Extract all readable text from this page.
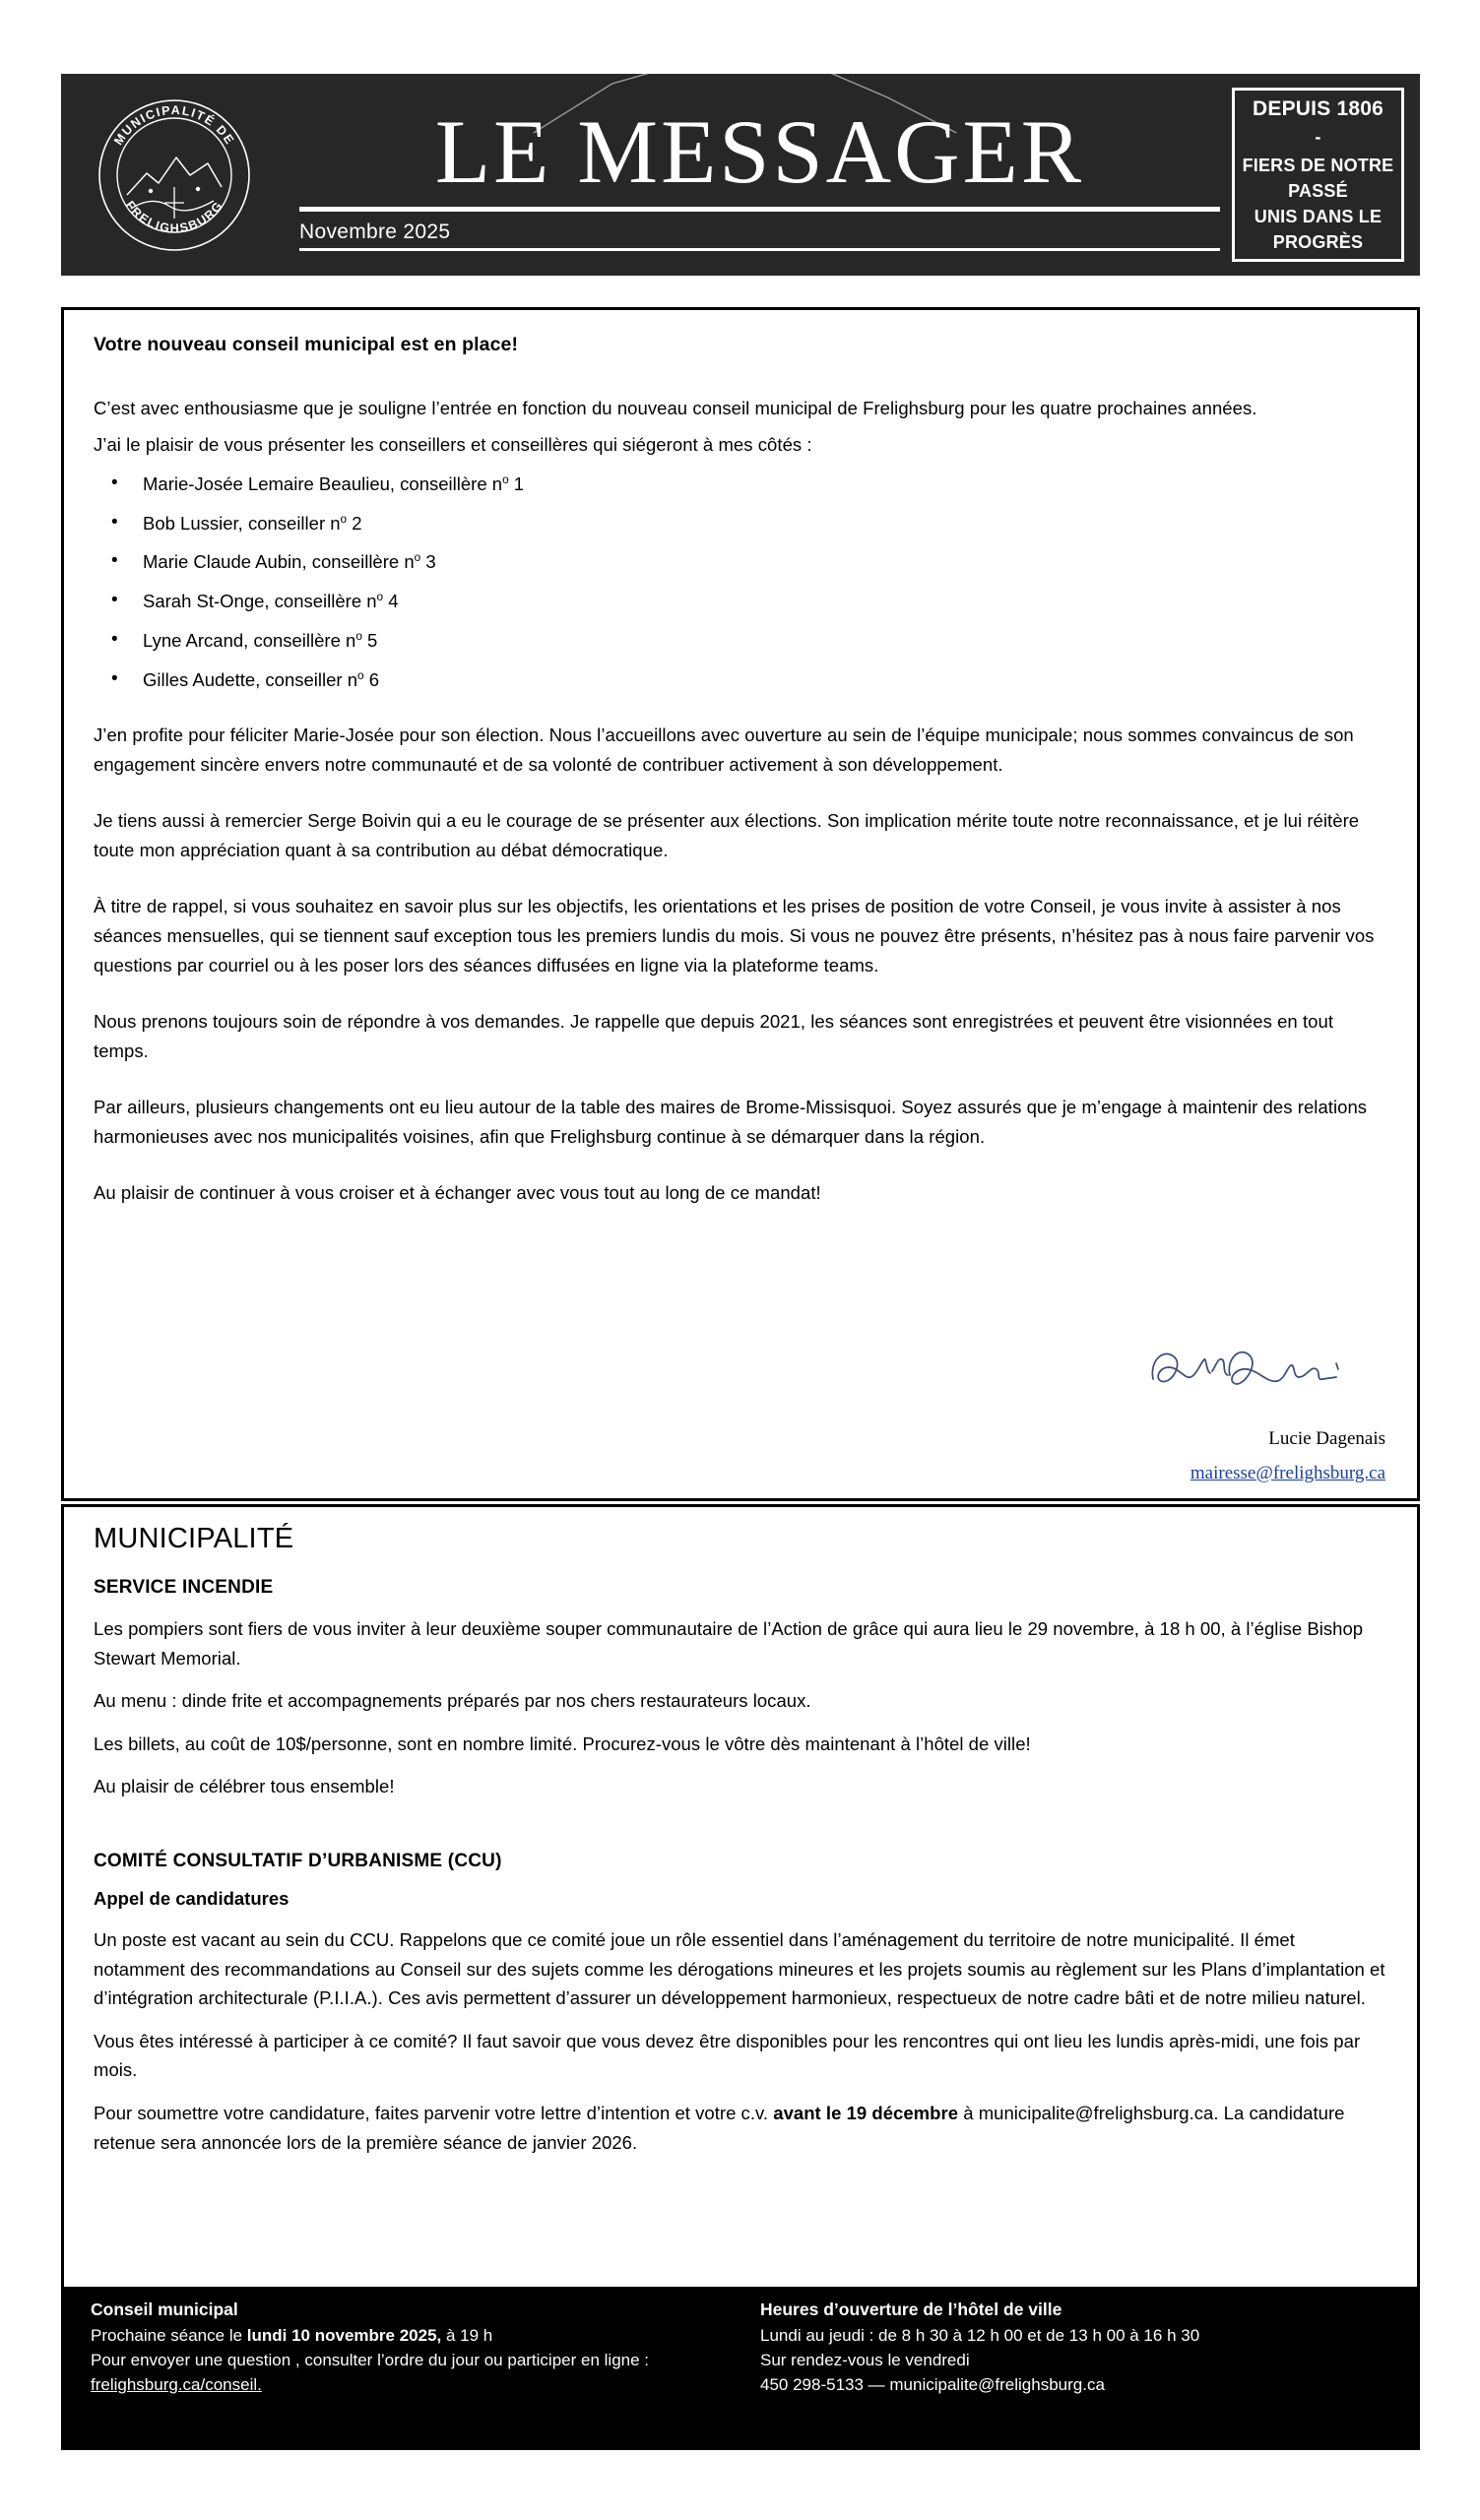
MUNICIPALITÉ DE
FRELIGHSBURG
LE MESSAGER
Novembre 2025
DEPUIS 1806
-
FIERS DE NOTRE
PASSÉ
UNIS DANS LE
PROGRÈS
Votre nouveau conseil municipal est en place!

C’est avec enthousiasme que je souligne l’entrée en fonction du nouveau conseil municipal de Frelighsburg pour les quatre prochaines années.

J’ai le plaisir de vous présenter les conseillers et conseillères qui siégeront à mes côtés :

• Marie-Josée Lemaire Beaulieu, conseillère $n^o$ 1
• Bob Lussier, conseiller $n^o$ 2
• Marie Claude Aubin, conseillère $n^o$ 3
• Sarah St-Onge, conseillère $n^o$ 4
• Lyne Arcand, conseillère $n^o$ 5
• Gilles Audette, conseiller $n^o$ 6

J’en profite pour féliciter Marie-Josée pour son élection. Nous l’accueillons avec ouverture au sein de l’équipe municipale; nous sommes convaincus de son engagement sincère envers notre communauté et de sa volonté de contribuer activement à son développement.

Je tiens aussi à remercier Serge Boivin qui a eu le courage de se présenter aux élections. Son implication mérite toute notre reconnaissance, et je lui réitère toute mon appréciation quant à sa contribution au débat démocratique.

À titre de rappel, si vous souhaitez en savoir plus sur les objectifs, les orientations et les prises de position de votre Conseil, je vous invite à assister à nos séances mensuelles, qui se tiennent sauf exception tous les premiers lundis du mois. Si vous ne pouvez être présents, n’hésitez pas à nous faire parvenir vos questions par courriel ou à les poser lors des séances diffusées en ligne via la plateforme teams.

Nous prenons toujours soin de répondre à vos demandes. Je rappelle que depuis 2021, les séances sont enregistrées et peuvent être visionnées en tout temps.

Par ailleurs, plusieurs changements ont eu lieu autour de la table des maires de Brome-Missisquoi. Soyez assurés que je m’engage à maintenir des relations harmonieuses avec nos municipalités voisines, afin que Frelighsburg continue à se démarquer dans la région.

Au plaisir de continuer à vous croiser et à échanger avec vous tout au long de ce mandat!

Lucie Dagenais
mairesse@frelighsburg.ca
MUNICIPALITÉ
SERVICE INCENDIE

Les pompiers sont fiers de vous inviter à leur deuxième souper communautaire de l’Action de grâce qui aura lieu le 29 novembre, à 18 h 00, à l’église Bishop Stewart Memorial.

Au menu : dinde frite et accompagnements préparés par nos chers restaurateurs locaux.

Les billets, au coût de 10$/personne, sont en nombre limité. Procurez-vous le vôtre dès maintenant à l’hôtel de ville!

Au plaisir de célébrer tous ensemble!

COMITÉ CONSULTATIF D’URBANISME (CCU)
Appel de candidatures

Un poste est vacant au sein du CCU. Rappelons que ce comité joue un rôle essentiel dans l’aménagement du territoire de notre municipalité. Il émet notamment des recommandations au Conseil sur des sujets comme les dérogations mineures et les projets soumis au règlement sur les Plans d’implantation et d’intégration architecturale (P.I.I.A.). Ces avis permettent d’assurer un développement harmonieux, respectueux de notre cadre bâti et de notre milieu naturel.

Vous êtes intéressé à participer à ce comité? Il faut savoir que vous devez être disponibles pour les rencontres qui ont lieu les lundis après-midi, une fois par mois.

Pour soumettre votre candidature, faites parvenir votre lettre d’intention et votre c.v. avant le 19 décembre à municipalite@frelighsburg.ca. La candidature retenue sera annoncée lors de la première séance de janvier 2026.

Conseil municipal

Prochaine séance le lundi 10 novembre 2025, à 19 h

Pour envoyer une question , consulter l’ordre du jour ou participer en ligne :

frelighsburg.ca/conseil.

Heures d’ouverture de l’hôtel de ville

Lundi au jeudi : de 8 h 30 à 12 h 00 et de 13 h 00 à 16 h 30

Sur rendez-vous le vendredi

450 298-5133 — municipalite@frelighsburg.ca
